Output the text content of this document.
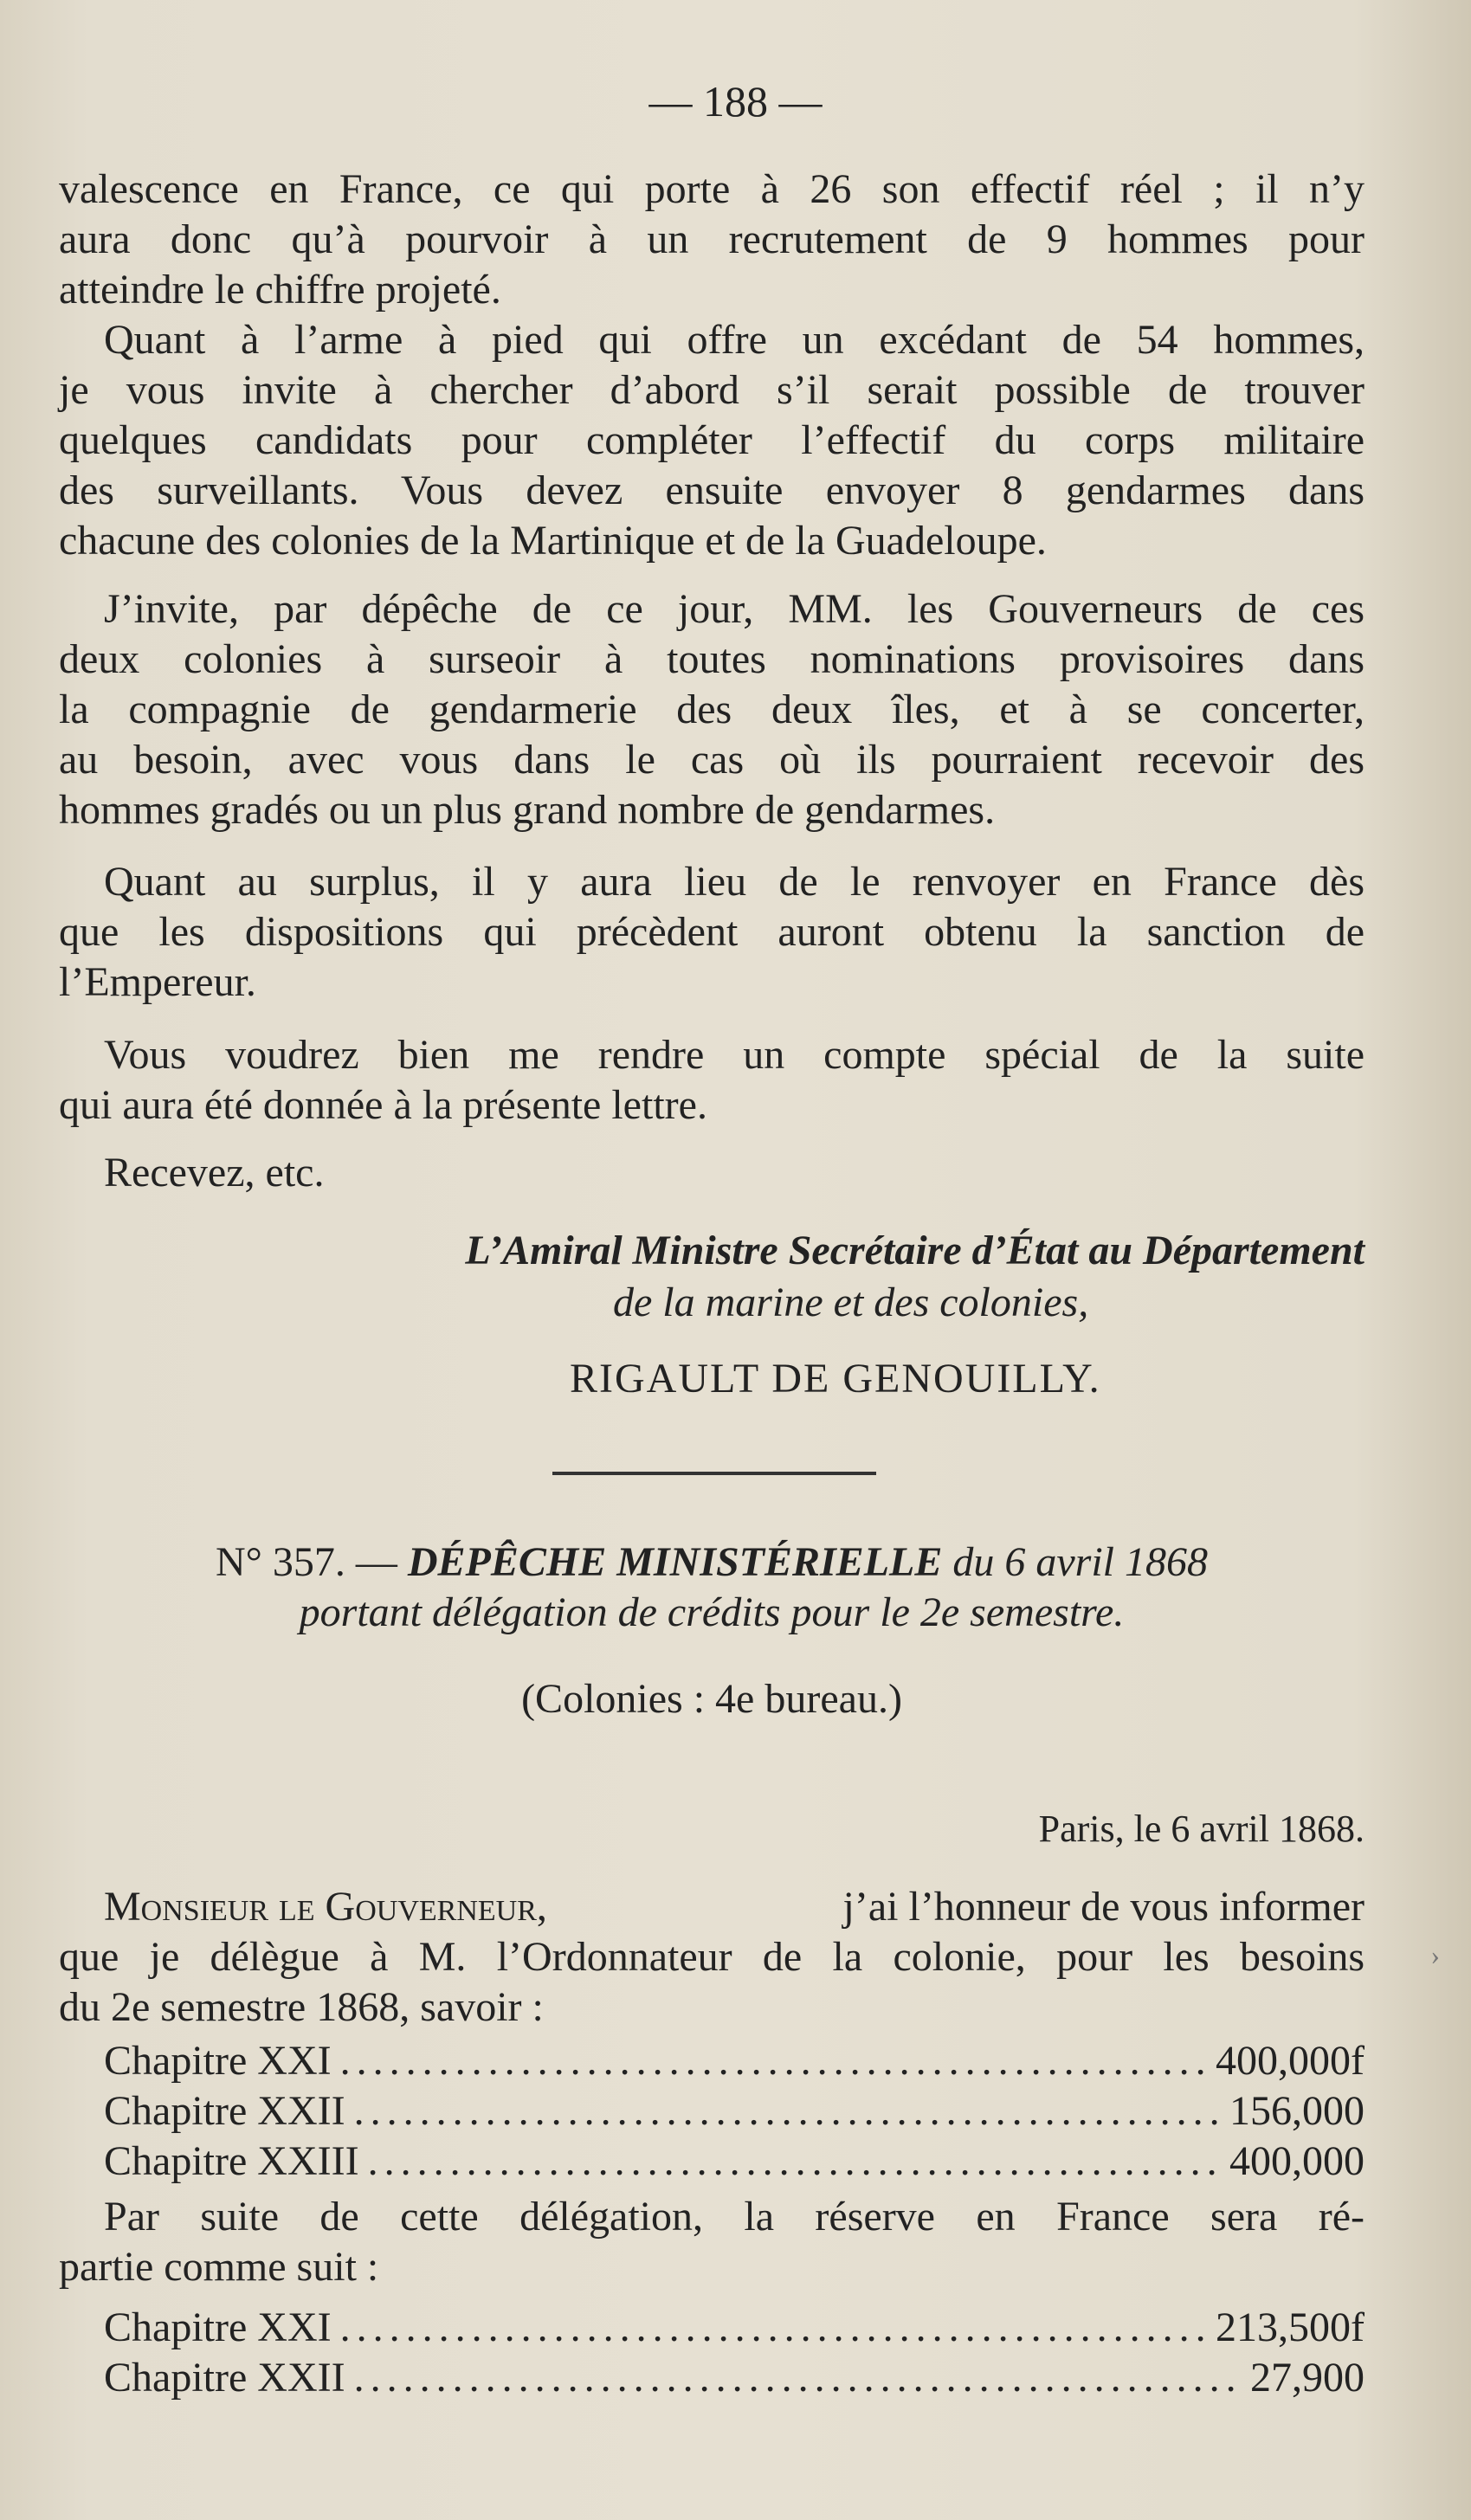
— 188 —
valescence en France, ce qui porte à 26 son effectif réel ; il n’y
aura donc qu’à pourvoir à un recrutement de 9 hommes pour
atteindre le chiffre projeté.
Quant à l’arme à pied qui offre un excédant de 54 hommes,
je vous invite à chercher d’abord s’il serait possible de trouver
quelques candidats pour compléter l’effectif du corps militaire
des surveillants. Vous devez ensuite envoyer 8 gendarmes dans
chacune des colonies de la Martinique et de la Guadeloupe.
J’invite, par dépêche de ce jour, MM. les Gouverneurs de ces
deux colonies à surseoir à toutes nominations provisoires dans
la compagnie de gendarmerie des deux îles, et à se concerter,
au besoin, avec vous dans le cas où ils pourraient recevoir des
hommes gradés ou un plus grand nombre de gendarmes.
Quant au surplus, il y aura lieu de le renvoyer en France dès
que les dispositions qui précèdent auront obtenu la sanction de
l’Empereur.
Vous voudrez bien me rendre un compte spécial de la suite
qui aura été donnée à la présente lettre.
Recevez, etc.
L’Amiral Ministre Secrétaire d’État au Département
de la marine et des colonies,
RIGAULT DE GENOUILLY.
N° 357. — DÉPÊCHE MINISTÉRIELLE du 6 avril 1868
portant délégation de crédits pour le 2e semestre.
(Colonies : 4e bureau.)
Paris, le 6 avril 1868.
Monsieur le Gouverneur,	j’ai l’honneur de vous informer
que je délègue à M. l’Ordonnateur de la colonie, pour les besoins
du 2e semestre 1868, savoir :
Chapitre XXI .....	400,000f
Chapitre XXII .....	156,000
Chapitre XXIII .....	400,000
Par suite de cette délégation, la réserve en France sera ré-
partie comme suit :
Chapitre XXI .....	213,500f
Chapitre XXII .....	27,900
›
